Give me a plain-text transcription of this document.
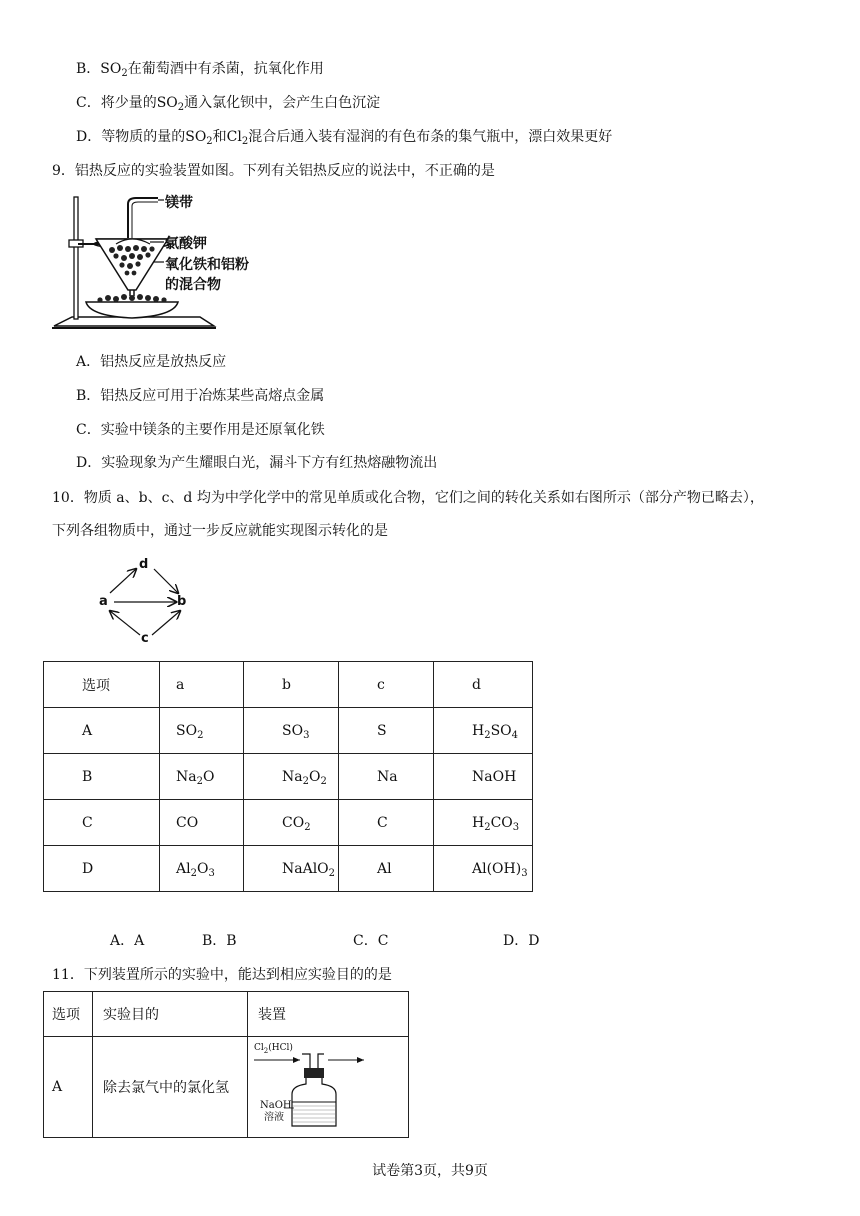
B．$SO_2$在葡萄酒中有杀菌，抗氧化作用
C．将少量的$SO_2$通入氯化钡中，会产生白色沉淀
D．等物质的量的$SO_2$和$Cl_2$混合后通入装有湿润的有色布条的集气瓶中，漂白效果更好
9．铝热反应的实验装置如图。下列有关铝热反应的说法中，不正确的是
镁带
氯酸钾
氧化铁和铝粉
的混合物
A．铝热反应是放热反应
B．铝热反应可用于冶炼某些高熔点金属
C．实验中镁条的主要作用是还原氧化铁
D．实验现象为产生耀眼白光，漏斗下方有红热熔融物流出
10．物质 a、b、c、d 均为中学化学中的常见单质或化合物，它们之间的转化关系如右图所示（部分产物已略去），
下列各组物质中，通过一步反应就能实现图示转化的是
d
a	b
c
选项	a	b	c	d
A	$SO_2$	$SO_3$	S	$H_2SO_4$
B	$Na_2O$	$Na_2O_2$	Na	NaOH
C	CO	$CO_2$	C	$H_2CO_3$
D	$Al_2O_3$	NaAlO$_2$	Al	$Al(OH)_3$
A．A	B．B	C．C	D．D
11．下列装置所示的实验中，能达到相应实验目的的是
选项	实验目的	装置
A	除去氯气中的氯化氢	
$Cl_2(HCl)$
NaOH
溶液
试卷第3页，共9页
